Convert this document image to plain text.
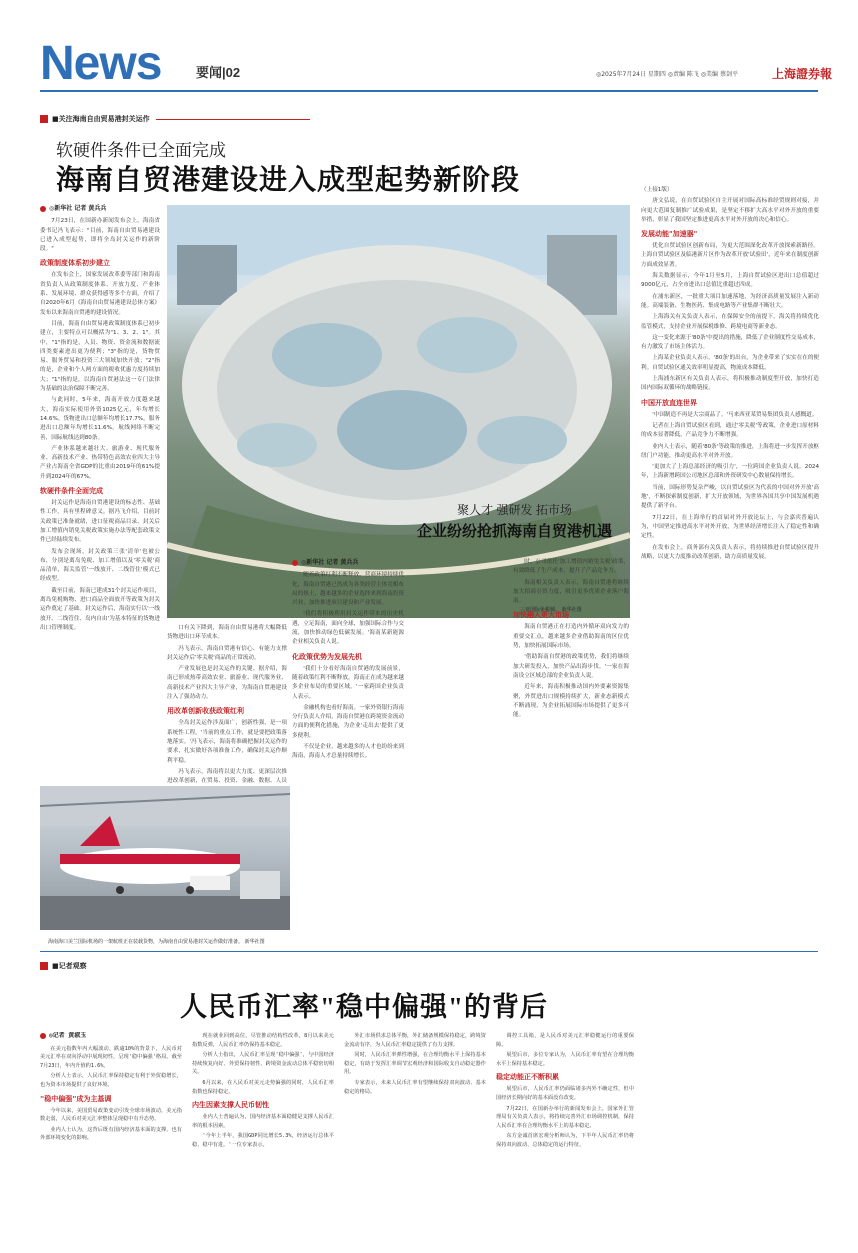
News	要闻|02	◎2025年7月24日 星期四 ◎责编 陈飞 ◎美编 蔡剑平	上海證券報
■关注海南自由贸易港封关运作
软硬件条件已全面完成
海南自贸港建设进入成型起势新阶段
◎新华社 记者 黄兵兵

7月23日，在国新办新闻发布会上，海南省委书记冯飞表示："目前，海南自由贸易港建设已进入成型起势，即将全岛封关运作的新阶段。"

政策制度体系初步建立

在发布会上，国家发展改革委等部门和海南省负责人从政策制度体系、开放力度、产业体系、发展环境、群众获得感等多个方面，介绍了自2020年6月《海南自由贸易港建设总体方案》发布以来海南自贸港的建设情况。

目前，海南自由贸易港政策制度体系已初步建立，主要特点可以概括为"1、3、2、1"。其中，"1"指的是，人员、物资、资金流和数据流四类要素进出更为便利；"3"指的是，货物贸易、服务贸易和投资三大领域加快开放；"2"指的是，企业和个人两方面的税收优惠力度持续加大；"1"指的是，以海南自贸港法这一专门法律为基础的法治保障不断完善。

与此同时，5年来，海南开放力度越来越大，海南实际使用外资1025亿元，年均增长14.6%。货物进出口总额年均增长17.7%，服务进出口总额年均增长11.6%。航线网络不断完善，国际航线达到80条。

产业体系越来越壮大。旅游业、现代服务业、高新技术产业、热带特色高效农业四大主导产业占海南全省GDP的比重由2019年的61%提升到2024年的67%。

软硬件条件全面完成

封关运作是海南自贸港建设的标志性、基础性工作，具有里程碑意义。据冯飞介绍，目前封关政策已准备就绪，进口征税商品目录、封关后加工增值内销免关税政策实施办法等配套政策文件已经陆续发布。

发布会现场，封关政策三张'清单'也被公布，分别是离岛免税、加工增值以及'零关税'商品清单，海关监管'一线放开、二线管住'模式已经成型。

截至目前，海南已建成31个封关运作项目，离岛免税购物、进口商品全面放开等政策为封关运作奠定了基础。封关运作后，海南实行以'一线放开、二线管住、岛内自由'为基本特征的货物进出口管理制度。

三亚国际免税城。 新华社图

口有关下降到，海南自由贸易港将大幅降低货物进出口环节成本。

冯飞表示，海南自贸港有信心、有能力支撑封关运作后'零关税'商品的正常流动。

产业发展也是封关运作的关键。据介绍，海南已形成热带高效农业、旅游业、现代服务业、高新技术产业四大主导产业，为海南自贸港建设注入了强劲动力。

用改革创新收获政策红利

全岛封关运作涉及面广，创新性强，是一项系统性工程。'当前的重点工作，就是要把政策落地落实。'冯飞表示，海南将准确把握封关运作的要求，扎实做好各项准备工作，确保封关运作顺利平稳。

冯飞表示，海南将以更大力度、更深层次推进改革创新，在贸易、投资、金融、数据、人员

聚人才 强研发 拓市场
企业纷纷抢抓海南自贸港机遇
◎新华社 记者 黄兵兵

随着政策红利不断释放、营商环境持续优化，海南自贸港已然成为各类经营主体竞相布局的热土，越来越多的企业选择来到海南投资兴业，加快推进项目建设和产业发展。

'我们将积极利用封关运作带来的历史机遇，立足海南，面向全球，加强国际合作与交流，加快推动绿色低碳发展。'海南某新能源企业相关负责人说。

化政策优势为发展先机

'我们十分看好海南自贸港的发展前景，随着政策红利不断释放，海南正在成为越来越多企业布局的重要区域。'一家跨国企业负责人表示。

金融机构也看好海南。一家外资银行海南分行负责人介绍，海南自贸港在跨境资金流动方面的便利化措施，为企业'走出去'提供了更多便利。

不仅是企业，越来越多的人才也纷纷来到海南，海南人才总量持续增长。

时，公司依托'加工增值内销免关税'政策，有效降低了生产成本，提升了产品竞争力。

海南相关负责人表示，海南自贸港将继续加大招商引资力度，吸引更多优质企业落户海南。

加快融入更大市场

海南自贸港正在打造内外循环双向发力的重要交汇点，越来越多企业借助海南的区位优势，加快拓展国际市场。

'借助海南自贸港的政策优势，我们将继续加大研发投入，加快产品出海步伐。'一家在海南设立区域总部的企业负责人说。

近年来，海南积极推动国内外要素资源集聚，外贸进出口规模持续扩大，新业态新模式不断涌现，为企业拓展国际市场提供了更多可能。

海南海口美兰国际机场的一架航班正在装载货物，为海南自由贸易港封关运作做好准备。 新华社图

（上接1版）

唐文弘说，在自贸试验区自主开展对国际高标准经贸规则对接，并向更大范围复制推广试验成果，是坚定不移扩大高水平对外开放的重要举措，彰显了我国坚定推进更高水平对外开放的决心和信心。

发展动能"加速器"

优化自贸试验区创新布局，为更大范围深化改革开放探索新路径。上海自贸试验区及临港新片区作为改革开放'试验田'，近年来在制度创新方面成效显著。

海关数据显示，今年1月至5月，上海自贸试验区进出口总值超过9000亿元，占全市进出口总值比重超过四成。

在浦东新区，一批重大项目加速落地，为经济高质量发展注入新动能。高端装备、生物医药、集成电路等产业集群不断壮大。

上海海关有关负责人表示，在保障安全的前提下，海关将持续优化监管模式，支持企业开展保税维修、跨境电商等新业态。

这一变化来源于'80条'中提出的措施，降低了企业制度性交易成本，有力激发了市场主体活力。

上海某企业负责人表示，'80条'的出台，为企业带来了实实在在的便利。自贸试验区通关效率明显提高，物流成本降低。

上海浦东新区有关负责人表示，将积极推动制度型开放，加快打造国内国际双循环的战略链接。

中国开放直连世界

'中国制造不再是大宗商品了。'马来西亚某贸易集团负责人感慨道。

记者在上海自贸试验区看到，通过'零关税'等政策，企业进口原材料的成本显著降低，产品竞争力不断增强。

业内人士表示，随着'80条'等政策的推进，上海将进一步发挥开放枢纽门户功能，推动更高水平对外开放。

'更加大了上海总部经济的吸引力'，一位跨国企业负责人说。2024年，上海新增跨国公司地区总部和外资研发中心数量保持增长。

当前，国际形势复杂严峻，以自贸试验区为代表的中国对外开放'高地'，不断探索制度创新，扩大开放领域，为世界各国共享中国发展机遇提供了新平台。

7月22日，在上海举行的首届对外开放论坛上，与会嘉宾普遍认为，中国坚定推进高水平对外开放，为世界经济增长注入了稳定性和确定性。

在发布会上，商务部有关负责人表示，将持续推进自贸试验区提升战略，以更大力度推动改革创新，助力高质量发展。

■记者观察
人民币汇率"稳中偏强"的背后
◎记者 黄淑玉

在美元指数年内大幅波动、跌逾10%的背景下，人民币对美元汇率在双向浮动中展现韧性，呈现'稳中偏强'格局。截至7月23日，年内升值约1.6%。

分析人士表示，人民币汇率保持稳定有利于外贸稳增长，也为资本市场提供了良好环境。

"稳中偏强"成为主基调

今年以来，美国贸易政策变动引发全球市场波动，美元指数走弱，人民币对美元汇率整体呈现稳中有升态势。

业内人士认为，这背后既有国内经济基本面的支撑，也有外部环境变化的影响。

现在就业回到高位，尽管推动结构性改革，8月以来美元指数反弹，人民币汇率仍保持基本稳定。

分析人士指出，人民币汇率呈现'稳中偏强'，与中国经济持续恢复向好、外贸保持韧性、跨境资金流动总体平稳密切相关。

6月以来，在人民币对美元走势偏强的同时，人民币汇率指数也保持稳定。

内生因素支撑人民币韧性

业内人士普遍认为，国内经济基本面稳健是支撑人民币汇率的根本因素。

'今年上半年，我国GDP同比增长5.3%，经济运行总体平稳、稳中有进。'一位专家表示。

外汇市场供求总体平衡，外汇储备规模保持稳定，跨境资金流动有序，为人民币汇率稳定提供了有力支撑。

同时，人民币汇率弹性增强，在合理均衡水平上保持基本稳定，有助于发挥汇率调节宏观经济和国际收支自动稳定器作用。

专家表示，未来人民币汇率有望继续保持双向波动、基本稳定的格局。

调控工具箱，是人民币对美元汇率稳健运行的重要保障。

展望后市，多位专家认为，人民币汇率有望在合理均衡水平上保持基本稳定。

稳定动能正不断积累

展望后市，人民币汇率仍面临诸多内外不确定性，但中国经济长期向好的基本面没有改变。

7月22日，在国新办举行的新闻发布会上，国家外汇管理局有关负责人表示，将持续完善外汇市场调控机制，保持人民币汇率在合理均衡水平上的基本稳定。

东方金诚首席宏观分析师认为，下半年人民币汇率仍将保持双向波动、总体稳定的运行特征。
